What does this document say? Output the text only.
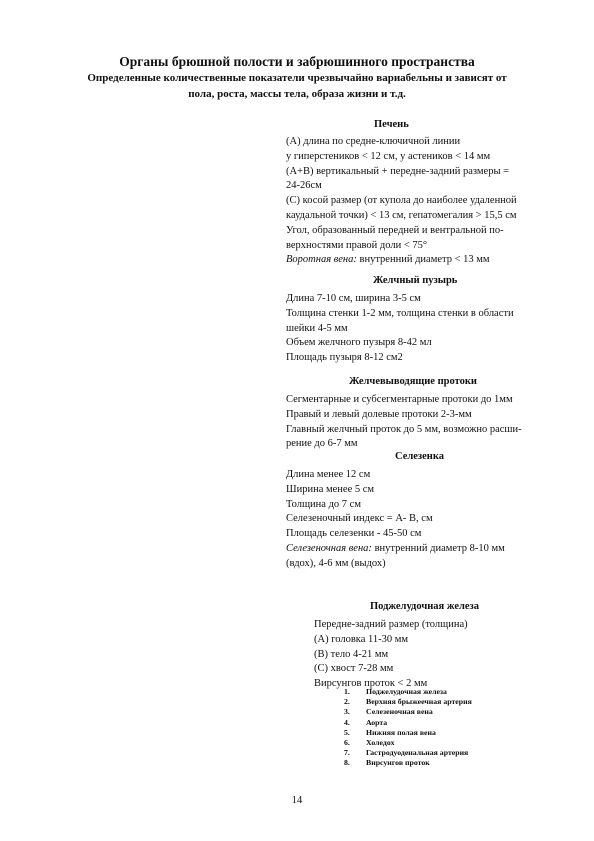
Органы брюшной полости и забрюшинного пространства
Определенные количественные показатели чрезвычайно вариабельны и зависят от
пола, роста, массы тела, образа жизни и т.д.
Печень
(А) длина по средне-ключичной линии
у гиперстеников < 12 см, у астеников < 14 мм
(А+В) вертикальный + передне-задний размеры =
24-26см
(С) косой размер (от купола до наиболее удаленной
каудальной точки) < 13 см, гепатомегалия > 15,5 см
Угол, образованный передней и вентральной по-
верхностями правой доли < 75°
Воротная вена: внутренний диаметр < 13 мм
Желчный пузырь
Длина 7-10 см, ширина 3-5 см
Толщина стенки 1-2 мм, толщина стенки в области
шейки 4-5 мм
Объем желчного пузыря 8-42 мл
Площадь пузыря 8-12 см2
Желчевыводящие протоки
Сегментарные и субсегментарные протоки до 1мм
Правый и левый долевые протоки 2-3-мм
Главный желчный проток до 5 мм, возможно расши-
рение до 6-7 мм
Селезенка
Длина менее 12 см
Ширина менее 5 см
Толщина до 7 см
Селезеночный индекс = А- В, см
Площадь селезенки - 45-50 см
Селезеночная вена: внутренний диаметр 8-10 мм
(вдох), 4-6 мм (выдох)
Поджелудочная железа
Передне-задний размер (толщина)
(А) головка 11-30 мм
(В) тело 4-21 мм
(С) хвост 7-28 мм
Вирсунгов проток < 2 мм
1. Поджелудочная железа
2. Верхняя брыжеечная артерия
3. Селезеночная вена
4. Аорта
5. Нижняя полая вена
6. Холедох
7. Гастродуоденальная артерия
8. Вирсунгов проток
14
